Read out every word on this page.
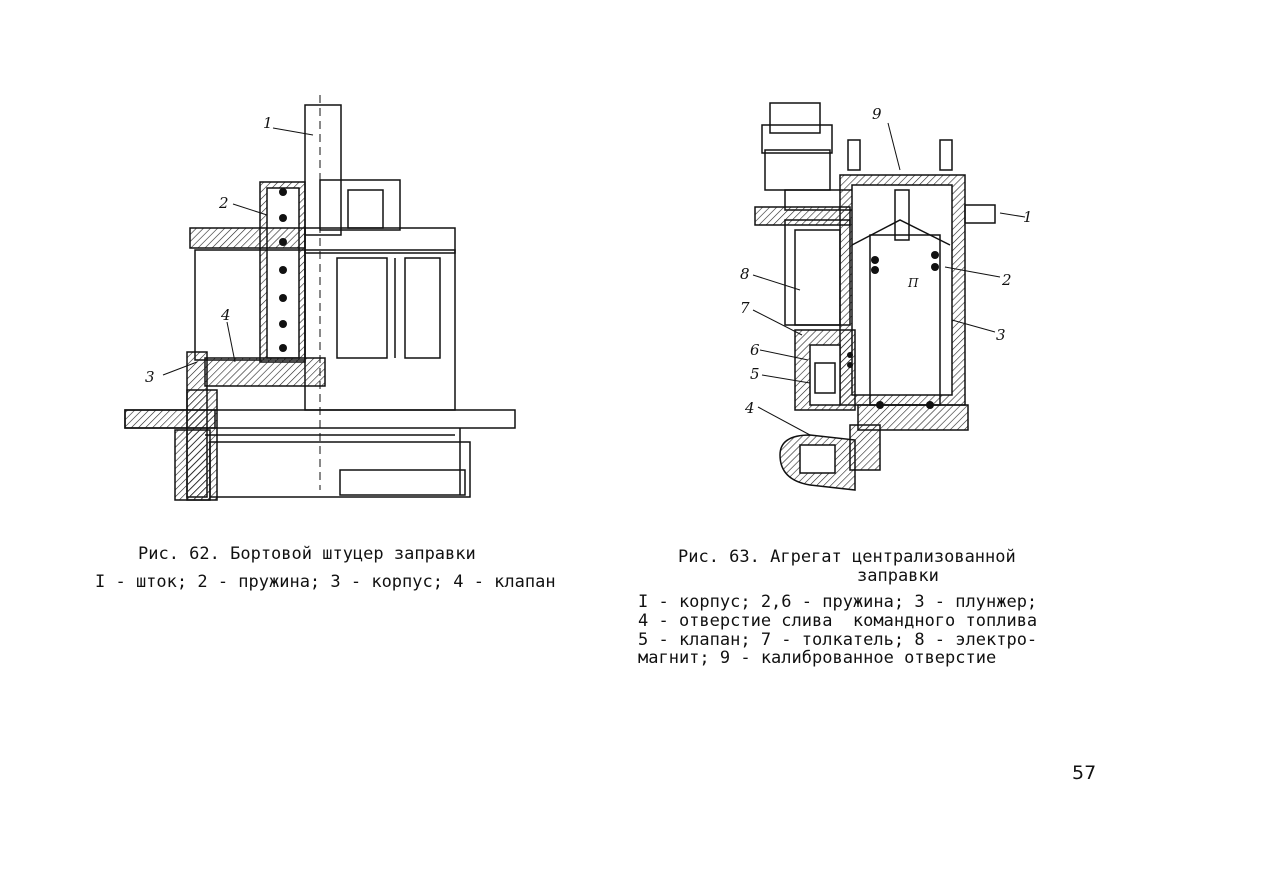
1
2
3
4
9
1
2
3
8
7
6
5
4
П
Рис. 62. Бортовой штуцер заправки
I - шток; 2 - пружина; 3 - корпус; 4 - клапан
Рис. 63. Агрегат централизованной
заправки
I - корпус; 2,6 - пружина; 3 - плунжер;
4 - отверстие слива  командного топлива
5 - клапан; 7 - толкатель; 8 - электро-
магнит; 9 - калиброванное отверстие
57
